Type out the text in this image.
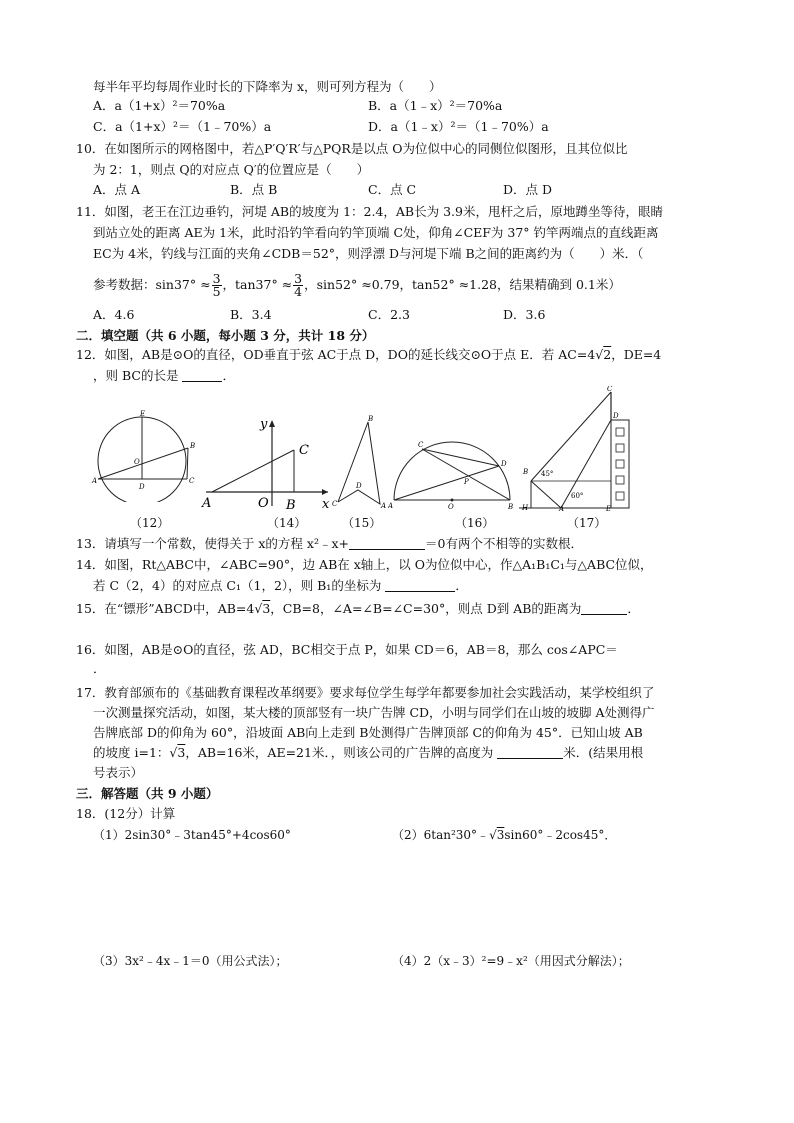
每半年平均每周作业时长的下降率为 x，则可列方程为（　　）
A．a（1+x）²＝70%a	B．a（1﹣x）²＝70%a
C．a（1+x）²＝（1﹣70%）a	D．a（1﹣x）²＝（1﹣70%）a
10．在如图所示的网格图中，若△P′Q′R′与△PQR是以点 O为位似中心的同侧位似图形，且其位似比
为 2：1，则点 Q的对应点 Q′的位置应是（　　）
A．点 A	B．点 B	C．点 C	D．点 D
11．如图，老王在江边垂钓，河堤 AB的坡度为 1：2.4，AB长为 3.9米，甩杆之后，原地蹲坐等待，眼睛
到站立处的距离 AE为 1米，此时沿钓竿看向钓竿顶端 C处，仰角∠CEF为 37° 钓竿两端点的直线距离
EC为 4米，钓线与江面的夹角∠CDB＝52°，则浮漂 D与河堤下端 B之间的距离约为（　　）米．（
参考数据：$\sin 37^\circ \approx \frac{3}{5}$ ，$\tan 37^\circ \approx \frac{3}{4}$ ，sin52° ≈0.79，tan52° ≈1.28，结果精确到 0.1米）
A．4.6	B．3.4	C．2.3	D．3.6
二．填空题（共 6 小题，每小题 3 分，共计 18 分）
12．如图，AB是⊙O的直径，OD垂直于弦 AC于点 D，DO的延长线交⊙O于点 E．若 AC=4√2，DE=4
，则 BC的长是	．
E
O
B
A
D
C
（12）
y
C
A	O B x
（14）
B
C
D
A
（15）
C
D
P
A	O	B
（16）
C
D
B 45°
60°
H	A	E
（17）
13．请填写一个常数，使得关于 x的方程 x²﹣x+	＝0有两个不相等的实数根．
14．如图，Rt△ABC中，∠ABC=90°，边 AB在 x轴上，以 O为位似中心，作△A₁B₁C₁与△ABC位似，
若 C（2，4）的对应点 C₁（1，2），则 B₁的坐标为	．
15．在“镖形”ABCD中，AB=4√3，CB=8，∠A=∠B=∠C=30°，则点 D到 AB的距离为	．
16．如图，AB是⊙O的直径，弦 AD，BC相交于点 P，如果 CD＝6，AB＝8，那么 cos∠APC＝
．
17．教育部颁布的《基础教育课程改革纲要》要求每位学生每学年都要参加社会实践活动，某学校组织了
一次测量探究活动，如图，某大楼的顶部竖有一块广告牌 CD，小明与同学们在山坡的坡脚 A处测得广
告牌底部 D的仰角为 60°，沿坡面 AB向上走到 B处测得广告牌顶部 C的仰角为 45°．已知山坡 AB
的坡度 i=1：√3，AB=16米，AE=21米．，则该公司的广告牌的高度为	米．(结果用根
号表示）
三．解答题（共 9 小题）
18．(12分）计算
（1）2sin30°﹣3tan45°+4cos60°	（2）6tan²30°﹣√3sin60°﹣2cos45°．
（3）3x²﹣4x﹣1＝0（用公式法）；	（4）2（x﹣3）²=9﹣x²（用因式分解法）；
